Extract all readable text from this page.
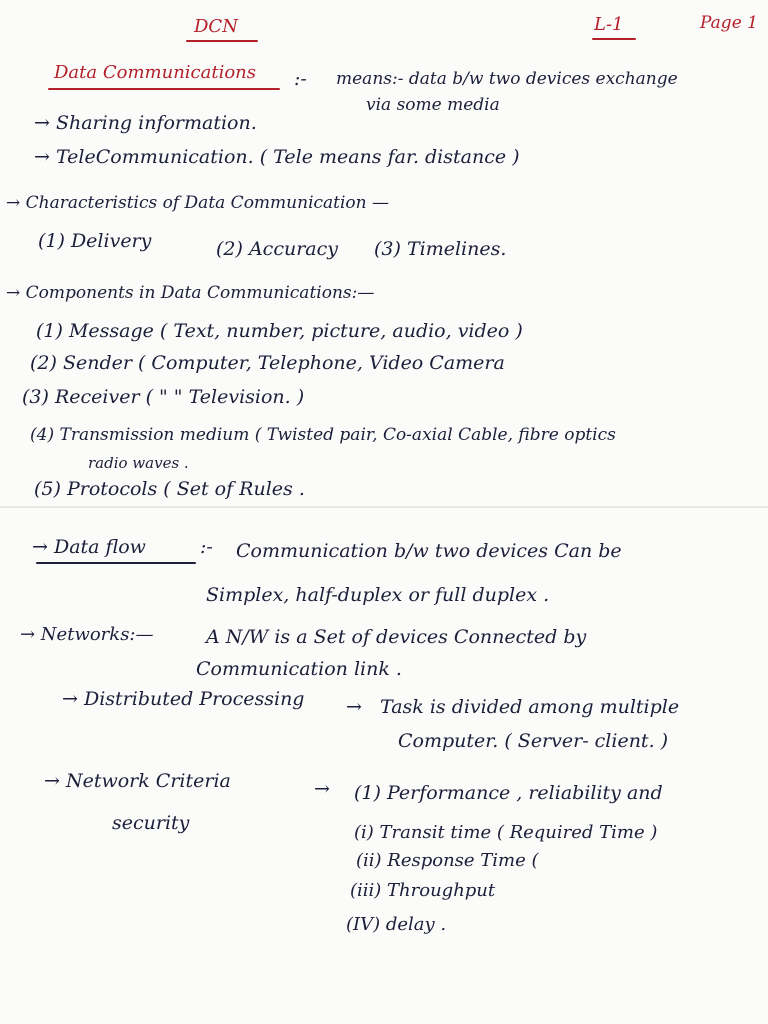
DCN	L-1	Page 1
Data Communications :- means:- data b/w two devices exchange
via some media
→ Sharing information.
→ TeleCommunication. ( Tele means far. distance )
→ Characteristics of Data Communication —
(1) Delivery	(2) Accuracy (3) Timelines.
→ Components in Data Communications:—
(1) Message ( Text, number, picture, audio, video )
(2) Sender ( Computer, Telephone, Video Camera
(3) Receiver ( " " Television. )
(4) Transmission medium ( Twisted pair, Co-axial Cable, fibre optics
radio waves .
(5) Protocols ( Set of Rules .
→ Data flow	:- Communication b/w two devices Can be
Simplex, half-duplex or full duplex .
→ Networks:—	A N/W is a Set of devices Connected by
Communication link .
→ Distributed Processing → Task is divided among multiple
Computer. ( Server- client. )
→ Network Criteria	→ (1) Performance , reliability and
security	(i) Transit time ( Required Time )
(ii) Response Time (
(iii) Throughput
(IV) delay .
